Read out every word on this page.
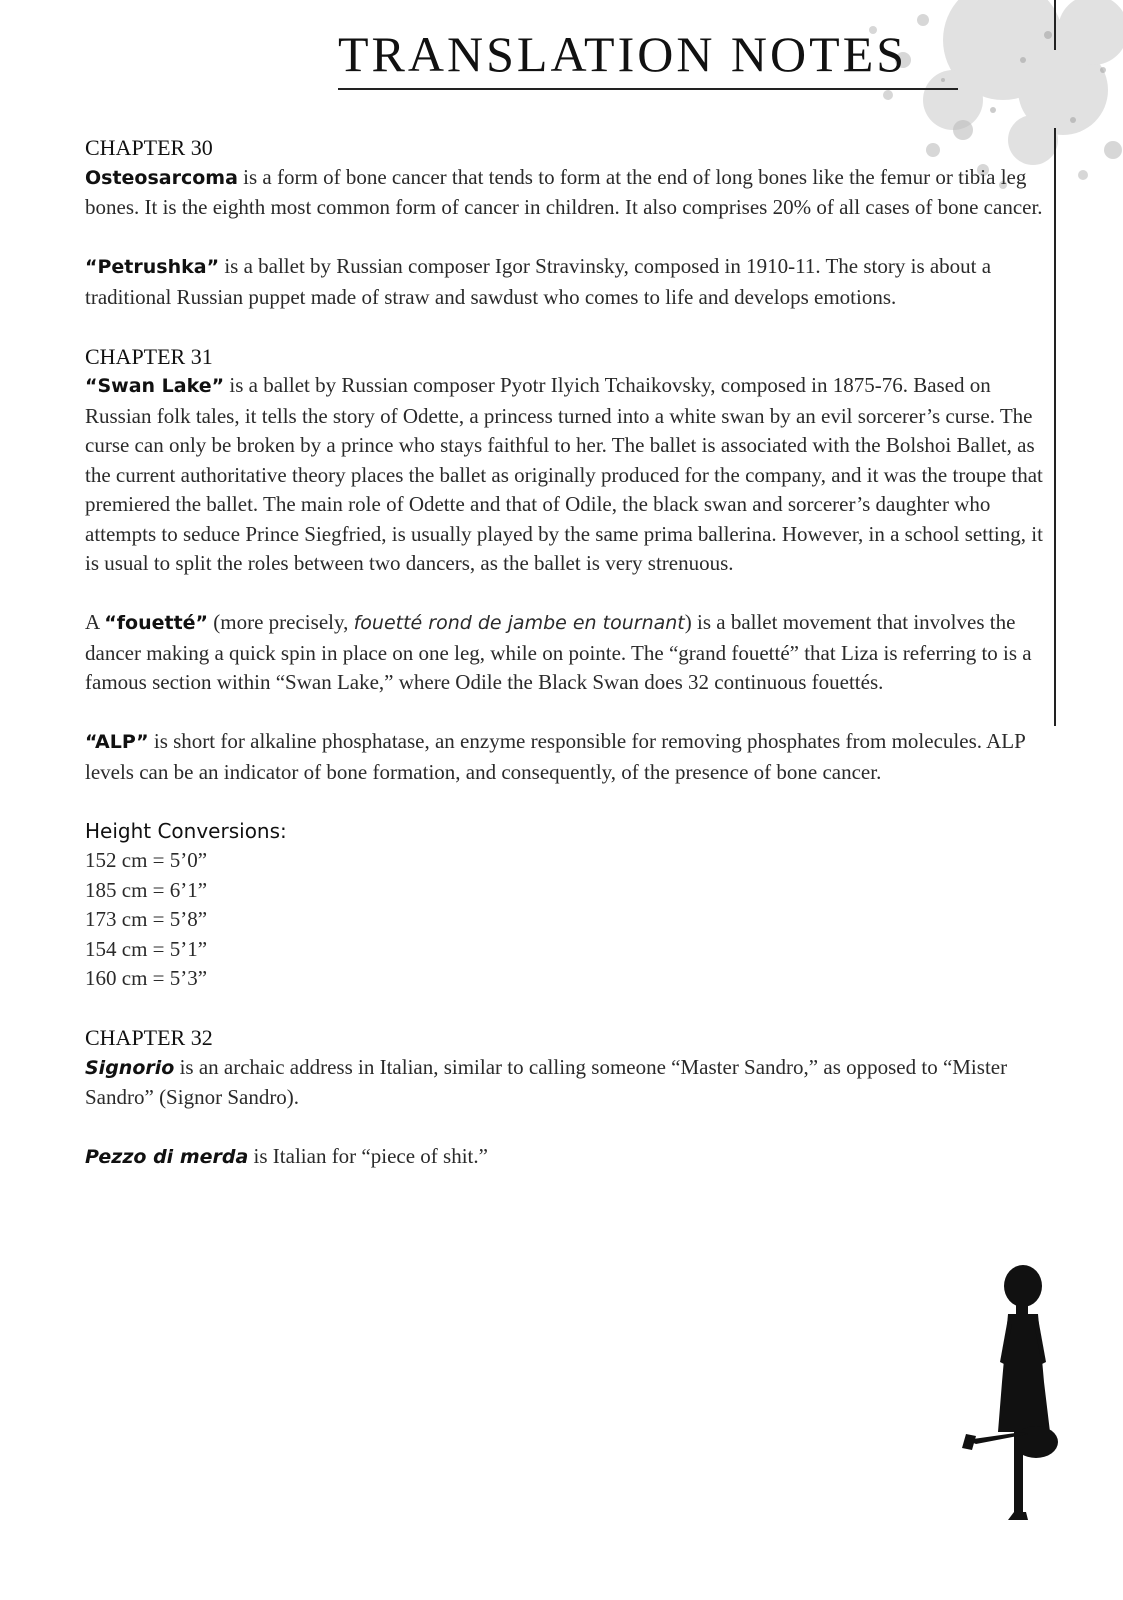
TRANSLATION NOTES
CHAPTER 30

Osteosarcoma is a form of bone cancer that tends to form at the end of long bones like the femur or tibia leg bones. It is the eighth most common form of cancer in children. It also comprises 20% of all cases of bone cancer.

“Petrushka” is a ballet by Russian composer Igor Stravinsky, composed in 1910-11. The story is about a traditional Russian puppet made of straw and sawdust who comes to life and develops emotions.

CHAPTER 31

“Swan Lake” is a ballet by Russian composer Pyotr Ilyich Tchaikovsky, composed in 1875-76. Based on Russian folk tales, it tells the story of Odette, a princess turned into a white swan by an evil sorcerer’s curse. The curse can only be broken by a prince who stays faithful to her. The ballet is associated with the Bolshoi Ballet, as the current authoritative theory places the ballet as originally produced for the company, and it was the troupe that premiered the ballet. The main role of Odette and that of Odile, the black swan and sorcerer’s daughter who attempts to seduce Prince Siegfried, is usually played by the same prima ballerina. However, in a school setting, it is usual to split the roles between two dancers, as the ballet is very strenuous.

A “fouetté” (more precisely, fouetté rond de jambe en tournant) is a ballet movement that involves the dancer making a quick spin in place on one leg, while on pointe. The “grand fouetté” that Liza is referring to is a famous section within “Swan Lake,” where Odile the Black Swan does 32 continuous fouettés.

“ALP” is short for alkaline phosphatase, an enzyme responsible for removing phosphates from molecules. ALP levels can be an indicator of bone formation, and consequently, of the presence of bone cancer.

Height Conversions:
152 cm = 5’0”
185 cm = 6’1”
173 cm = 5’8”
154 cm = 5’1”
160 cm = 5’3”
CHAPTER 32

Signorio is an archaic address in Italian, similar to calling someone “Master Sandro,” as opposed to “Mister Sandro” (Signor Sandro).

Pezzo di merda is Italian for “piece of shit.”
